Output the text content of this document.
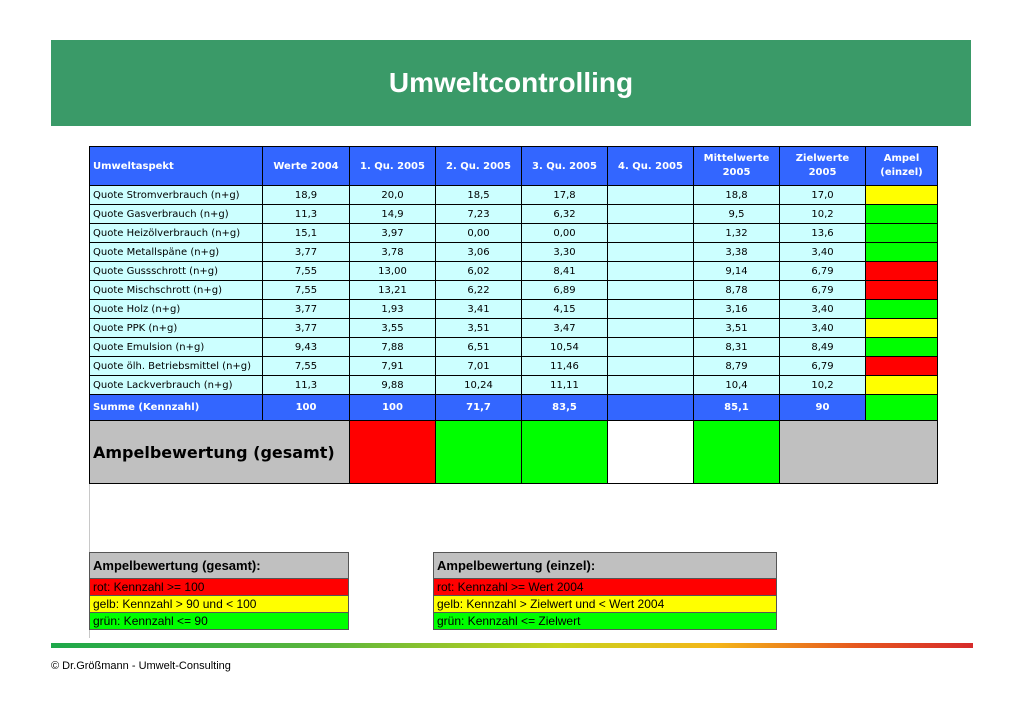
Umweltcontrolling
Umweltaspekt	Werte 2004	1. Qu. 2005	2. Qu. 2005	3. Qu. 2005	4. Qu. 2005	Mittelwerte 2005	Zielwerte 2005	Ampel (einzel)
Quote Stromverbrauch (n+g)	18,9	20,0	18,5	17,8		18,8	17,0	
Quote Gasverbrauch (n+g)	11,3	14,9	7,23	6,32		9,5	10,2	
Quote Heizölverbrauch (n+g)	15,1	3,97	0,00	0,00		1,32	13,6	
Quote Metallspäne (n+g)	3,77	3,78	3,06	3,30		3,38	3,40	
Quote Gussschrott (n+g)	7,55	13,00	6,02	8,41		9,14	6,79	
Quote Mischschrott (n+g)	7,55	13,21	6,22	6,89		8,78	6,79	
Quote Holz (n+g)	3,77	1,93	3,41	4,15		3,16	3,40	
Quote PPK (n+g)	3,77	3,55	3,51	3,47		3,51	3,40	
Quote Emulsion (n+g)	9,43	7,88	6,51	10,54		8,31	8,49	
Quote ölh. Betriebsmittel (n+g)	7,55	7,91	7,01	11,46		8,79	6,79	
Quote Lackverbrauch (n+g)	11,3	9,88	10,24	11,11		10,4	10,2	
Summe (Kennzahl)	100	100	71,7	83,5		85,1	90	
Ampelbewertung (gesamt)								
Ampelbewertung (gesamt):
rot: Kennzahl >= 100
gelb: Kennzahl > 90 und < 100
grün: Kennzahl <= 90
Ampelbewertung (einzel):
rot: Kennzahl >= Wert 2004
gelb: Kennzahl > Zielwert und < Wert 2004
grün: Kennzahl <= Zielwert
© Dr.Größmann - Umwelt-Consulting
